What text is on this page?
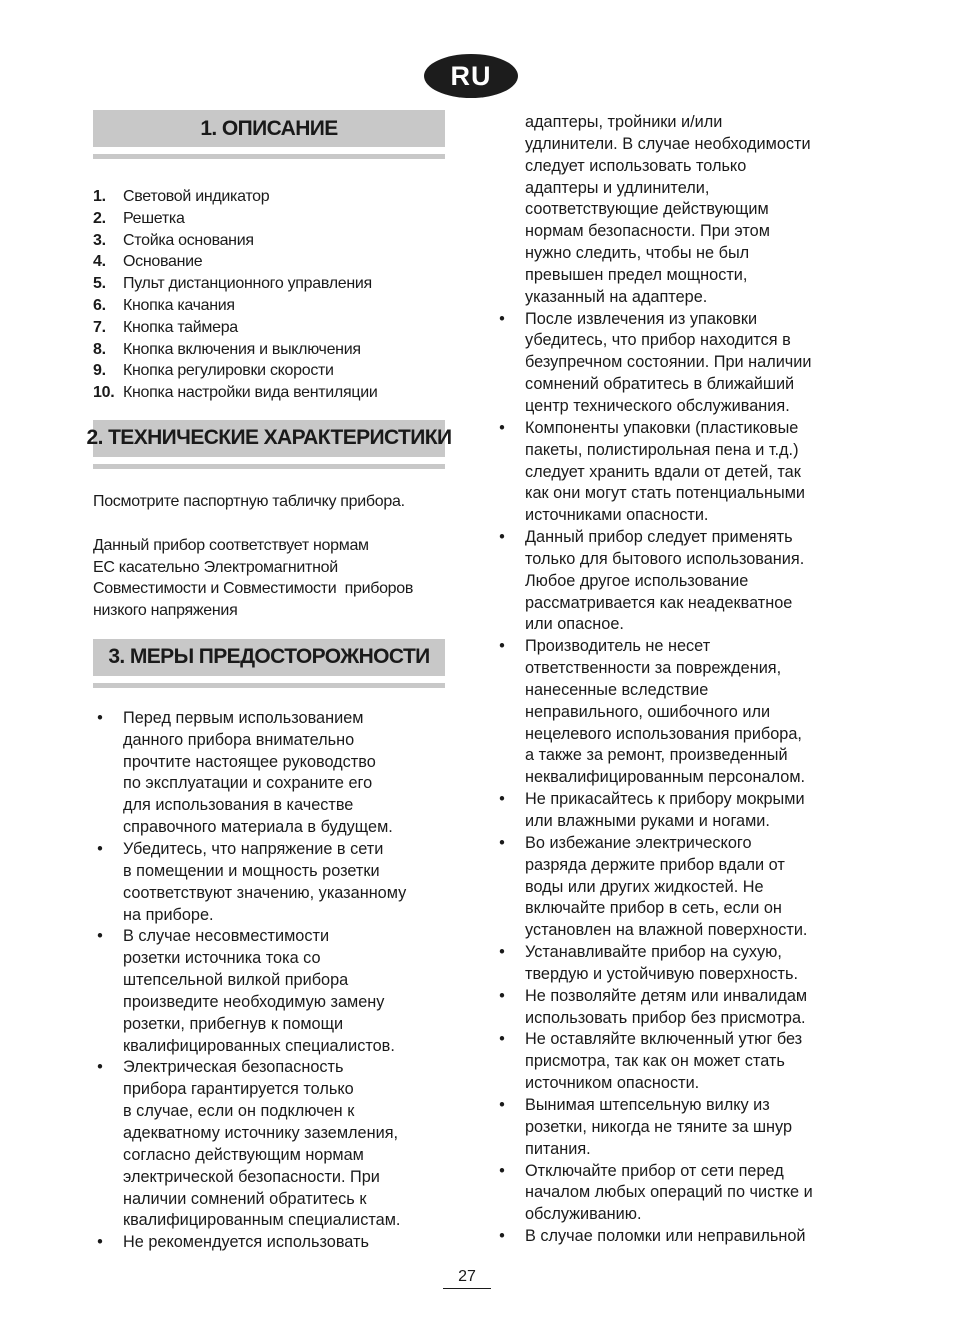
RU
1. ОПИСАНИЕ
1.	Световой индикатор
2.	Решетка
3.	Стойка основания
4.	Основание
5.	Пульт дистанционного управления
6.	Кнопка качания
7.	Кнопка таймера
8.	Кнопка включения и выключения
9.	Кнопка регулировки скорости
10. Кнопка настройки вида вентиляции
2. ТЕХНИЧЕСКИЕ ХАРАКТЕРИСТИКИ

Посмотрите паспортную табличку прибора.

Данный прибор соответствует нормам
ЕС касательно Электромагнитной
Совместимости и Совместимости  приборов
низкого напряжения

3. МЕРЫ ПРЕДОСТОРОЖНОСТИ
• Перед первым использованием
данного прибора внимательно
прочтите настоящее руководство
по эксплуатации и сохраните его
для использования в качестве
справочного материала в будущем.
• Убедитесь, что напряжение в сети
в помещении и мощность розетки
соответствуют значению, указанному
на приборе.
• В случае несовместимости
розетки источника тока со
штепсельной вилкой прибора
произведите необходимую замену
розетки, прибегнув к помощи
квалифицированных специалистов.
• Электрическая безопасность
прибора гарантируется только
в случае, если он подключен к
адекватному источнику заземления,
согласно действующим нормам
электрической безопасности. При
наличии сомнений обратитесь к
квалифицированным специалистам.
• Не рекомендуется использовать
адаптеры, тройники и/или
удлинители. В случае необходимости
следует использовать только
адаптеры и удлинители,
соответствующие действующим
нормам безопасности. При этом
нужно следить, чтобы не был
превышен предел мощности,
указанный на адаптере.
• После извлечения из упаковки
убедитесь, что прибор находится в
безупречном состоянии. При наличии
сомнений обратитесь в ближайший
центр технического обслуживания.
• Компоненты упаковки (пластиковые
пакеты, полистирольная пена и т.д.)
следует хранить вдали от детей, так
как они могут стать потенциальными
источниками опасности.
• Данный прибор следует применять
только для бытового использования.
Любое другое использование
рассматривается как неадекватное
или опасное.
• Производитель не несет
ответственности за повреждения,
нанесенные вследствие
неправильного, ошибочного или
нецелевого использования прибора,
а также за ремонт, произведенный
неквалифицированным персоналом.
• Не прикасайтесь к прибору мокрыми
или влажными руками и ногами.
• Во избежание электрического
разряда держите прибор вдали от
воды или других жидкостей. Не
включайте прибор в сеть, если он
установлен на влажной поверхности.
• Устанавливайте прибор на сухую,
твердую и устойчивую поверхность.
• Не позволяйте детям или инвалидам
использовать прибор без присмотра.
• Не оставляйте включенный утюг без
присмотра, так как он может стать
источником опасности.
• Вынимая штепсельную вилку из
розетки, никогда не тяните за шнур
питания.
• Отключайте прибор от сети перед
началом любых операций по чистке и
обслуживанию.
• В случае поломки или неправильной
27
